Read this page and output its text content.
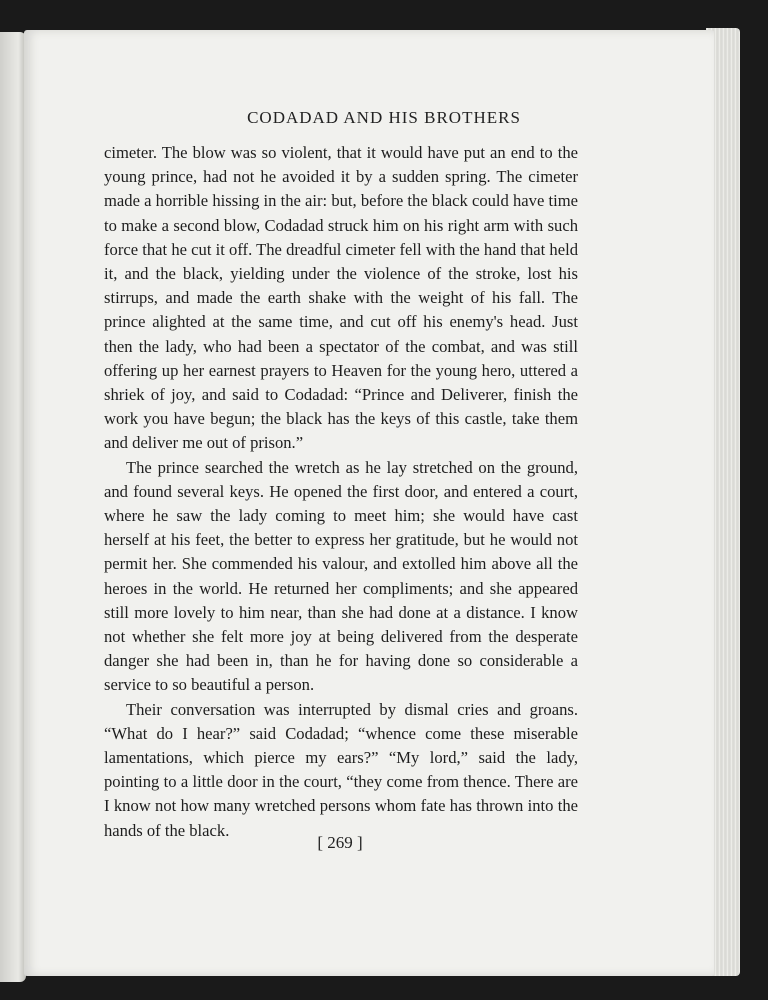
CODADAD AND HIS BROTHERS

cimeter. The blow was so violent, that it would have put an end to the young prince, had not he avoided it by a sudden spring. The cimeter made a horrible hissing in the air: but, before the black could have time to make a second blow, Codadad struck him on his right arm with such force that he cut it off. The dreadful cimeter fell with the hand that held it, and the black, yielding under the violence of the stroke, lost his stirrups, and made the earth shake with the weight of his fall. The prince alighted at the same time, and cut off his enemy's head. Just then the lady, who had been a spectator of the combat, and was still offering up her earnest prayers to Heaven for the young hero, uttered a shriek of joy, and said to Codadad: “Prince and Deliverer, finish the work you have begun; the black has the keys of this castle, take them and deliver me out of prison.”

The prince searched the wretch as he lay stretched on the ground, and found several keys. He opened the first door, and entered a court, where he saw the lady coming to meet him; she would have cast herself at his feet, the better to express her gratitude, but he would not permit her. She commended his valour, and extolled him above all the heroes in the world. He returned her compliments; and she appeared still more lovely to him near, than she had done at a distance. I know not whether she felt more joy at being delivered from the desperate danger she had been in, than he for having done so considerable a service to so beautiful a person.

Their conversation was interrupted by dismal cries and groans. “What do I hear?” said Codadad; “whence come these miserable lamentations, which pierce my ears?” “My lord,” said the lady, pointing to a little door in the court, “they come from thence. There are I know not how many wretched persons whom fate has thrown into the hands of the black.

[ 269 ]
